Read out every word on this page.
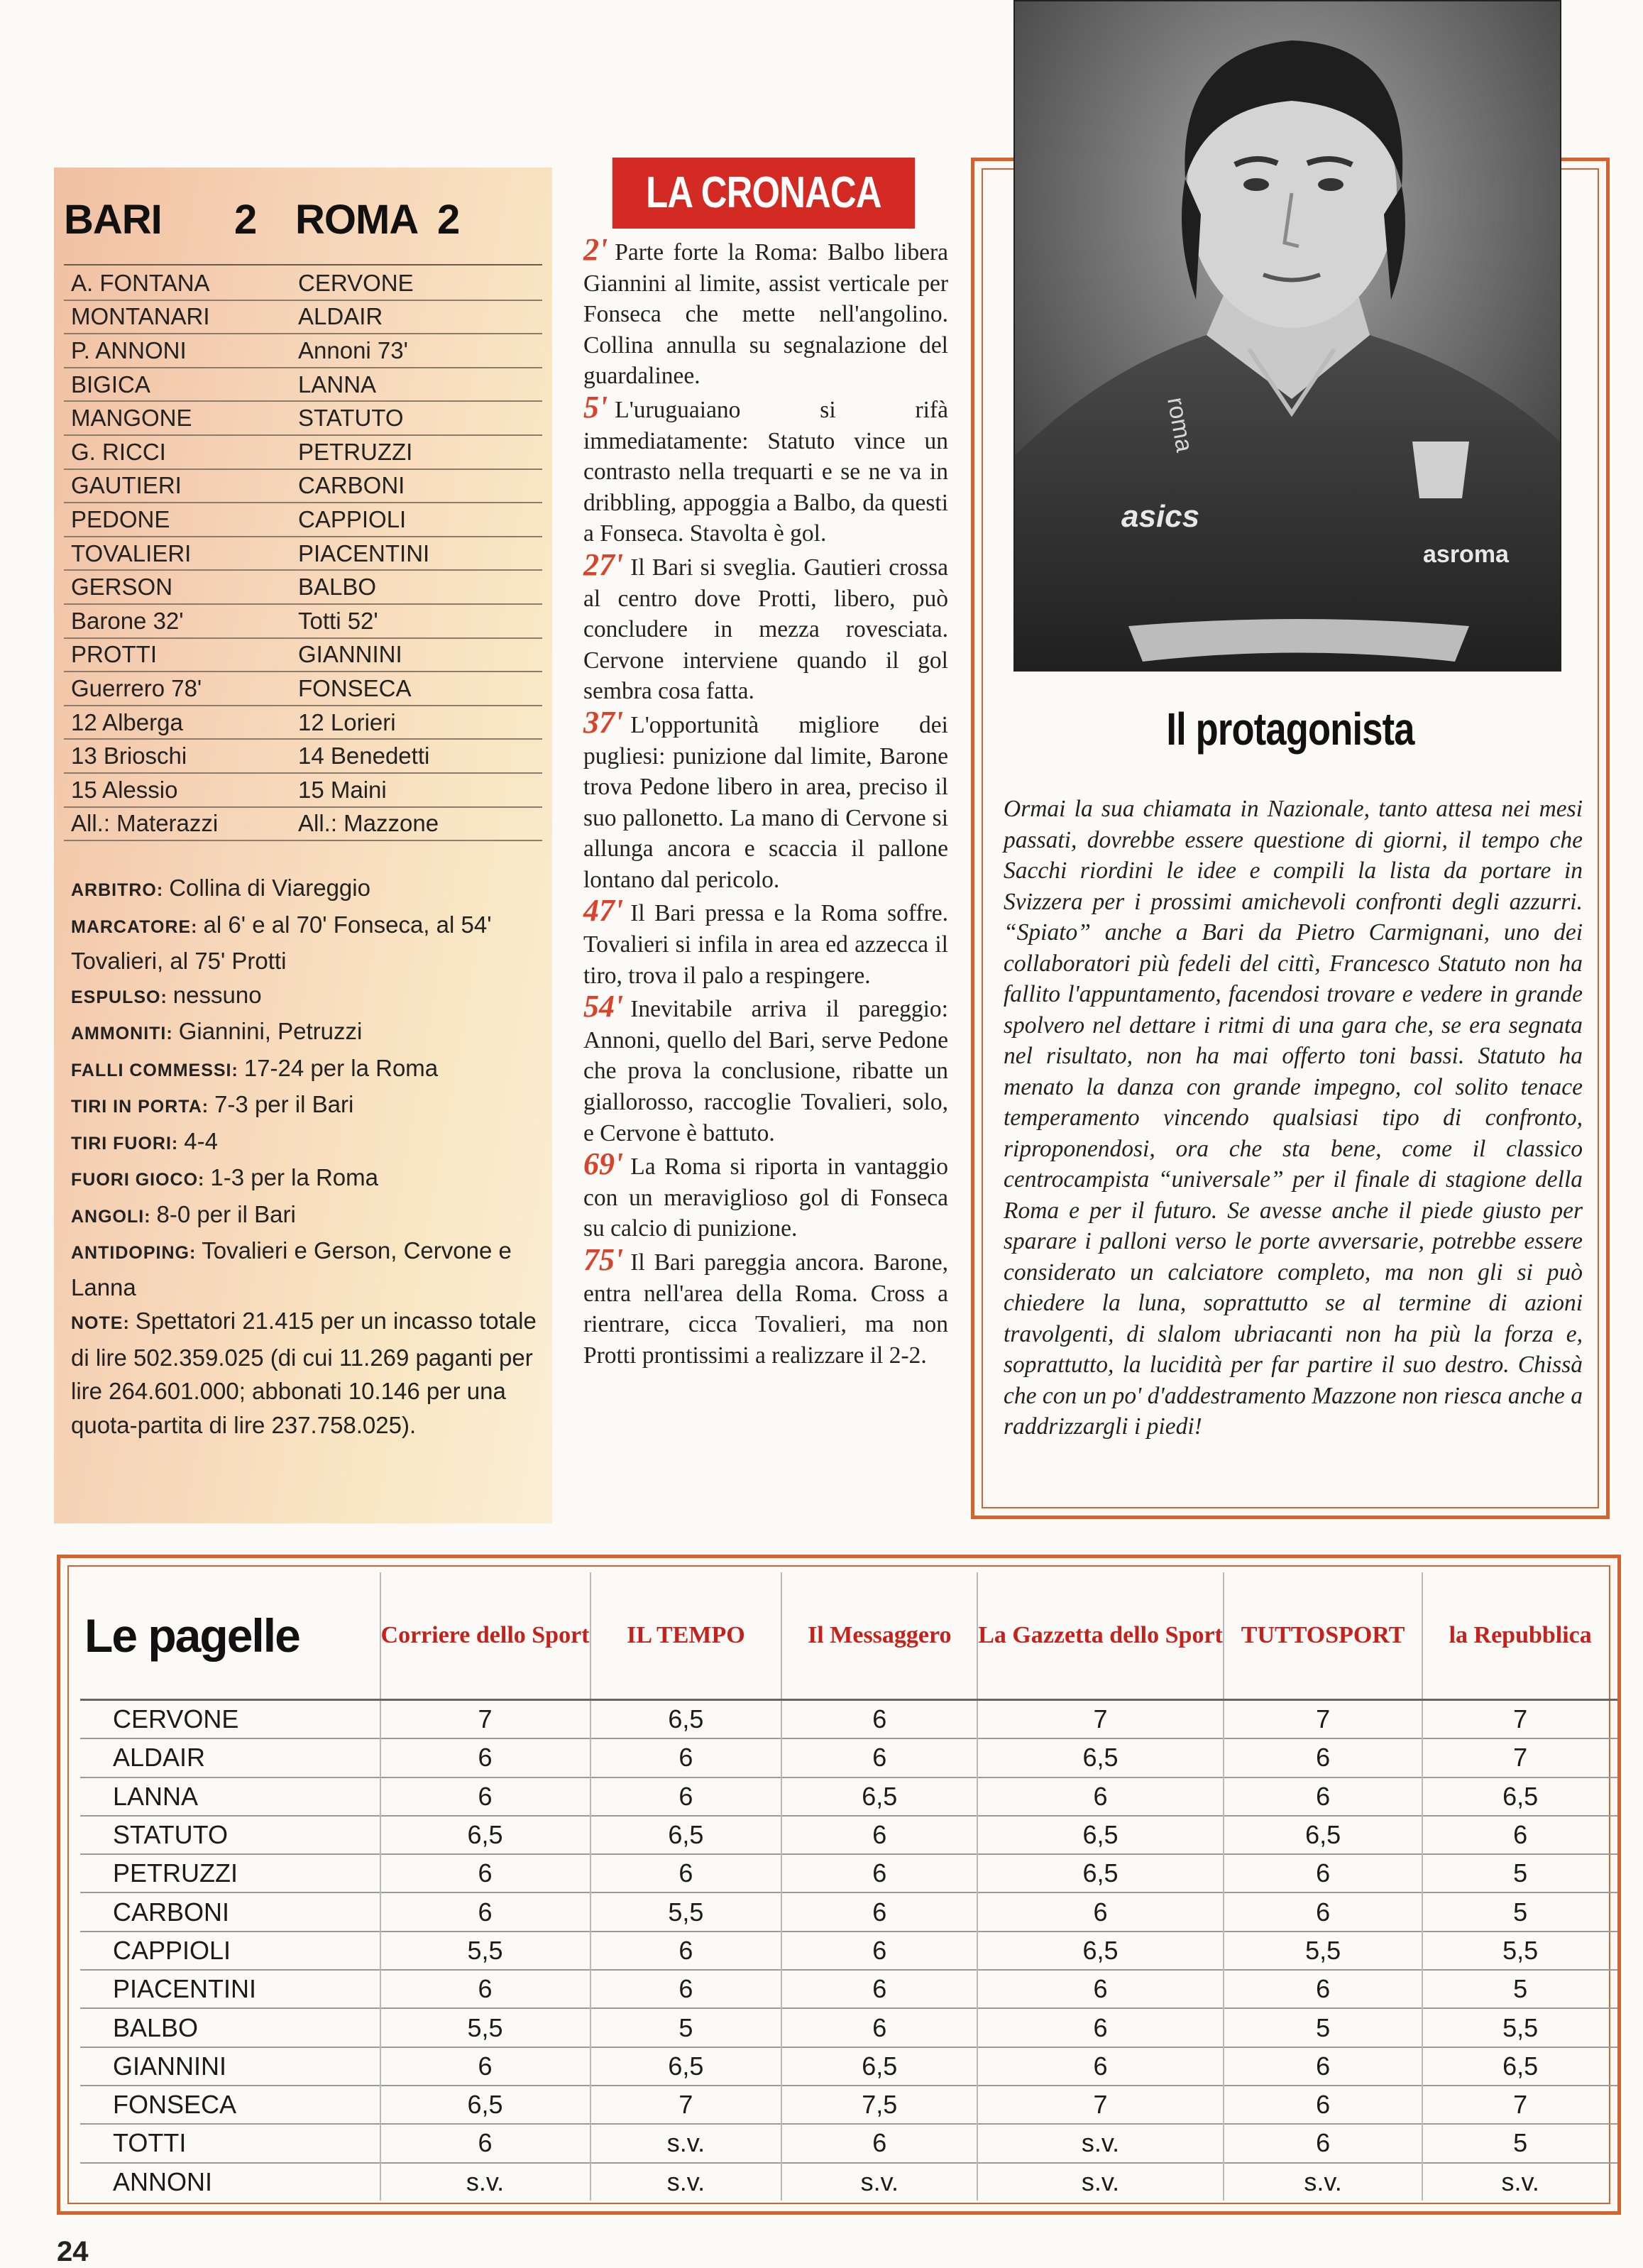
BARI	2 ROMA 2
A. FONTANA	CERVONE
MONTANARI	ALDAIR
P. ANNONI	Annoni 73'
BIGICA	LANNA
MANGONE	STATUTO
G. RICCI	PETRUZZI
GAUTIERI	CARBONI
PEDONE	CAPPIOLI
TOVALIERI	PIACENTINI
GERSON	BALBO
Barone 32'	Totti 52'
PROTTI	GIANNINI
Guerrero 78'	FONSECA
12 Alberga	12 Lorieri
13 Brioschi	14 Benedetti
15 Alessio	15 Maini
All.: Materazzi	All.: Mazzone
ARBITRO: Collina di Viareggio
MARCATORE: al 6' e al 70' Fonseca, al 54' Tovalieri, al 75' Protti
ESPULSO: nessuno
AMMONITI: Giannini, Petruzzi
FALLI COMMESSI: 17-24 per la Roma
TIRI IN PORTA: 7-3 per il Bari
TIRI FUORI: 4-4
FUORI GIOCO: 1-3 per la Roma
ANGOLI: 8-0 per il Bari
ANTIDOPING: Tovalieri e Gerson, Cervone e Lanna
NOTE: Spettatori 21.415 per un incasso totale di lire 502.359.025 (di cui 11.269 paganti per lire 264.601.000; abbonati 10.146 per una quota-partita di lire 237.758.025).
LA CRONACA

2' Parte forte la Roma: Balbo libera Giannini al limite, assist verticale per Fonseca che mette nell'angolino. Collina annulla su segnalazione del guardalinee.

5' L'uruguaiano si rifà immediatamente: Statuto vince un contrasto nella trequarti e se ne va in dribbling, appoggia a Balbo, da questi a Fonseca. Stavolta è gol.

27' Il Bari si sveglia. Gautieri crossa al centro dove Protti, libero, può concludere in mezza rovesciata. Cervone interviene quando il gol sembra cosa fatta.

37' L'opportunità migliore dei pugliesi: punizione dal limite, Barone trova Pedone libero in area, preciso il suo pallonetto. La mano di Cervone si allunga ancora e scaccia il pallone lontano dal pericolo.

47' Il Bari pressa e la Roma soffre. Tovalieri si infila in area ed azzecca il tiro, trova il palo a respingere.

54' Inevitabile arriva il pareggio: Annoni, quello del Bari, serve Pedone che prova la conclusione, ribatte un giallorosso, raccoglie Tovalieri, solo, e Cervone è battuto.

69' La Roma si riporta in vantaggio con un meraviglioso gol di Fonseca su calcio di punizione.

75' Il Bari pareggia ancora. Barone, entra nell'area della Roma. Cross a rientrare, cicca Tovalieri, ma non Protti prontissimi a realizzare il 2-2.

asics
asroma
roma
Il protagonista
Ormai la sua chiamata in Nazionale, tanto attesa nei mesi passati, dovrebbe essere questione di giorni, il tempo che Sacchi riordini le idee e compili la lista da portare in Svizzera per i prossimi amichevoli confronti degli azzurri. “Spiato” anche a Bari da Pietro Carmignani, uno dei collaboratori più fedeli del cittì, Francesco Statuto non ha fallito l'appuntamento, facendosi trovare e vedere in grande spolvero nel dettare i ritmi di una gara che, se era segnata nel risultato, non ha mai offerto toni bassi. Statuto ha menato la danza con grande impegno, col solito tenace temperamento vincendo qualsiasi tipo di confronto, riproponendosi, ora che sta bene, come il classico centrocampista “universale” per il finale di stagione della Roma e per il futuro. Se avesse anche il piede giusto per sparare i palloni verso le porte avversarie, potrebbe essere considerato un calciatore completo, ma non gli si può chiedere la luna, soprattutto se al termine di azioni travolgenti, di slalom ubriacanti non ha più la forza e, soprattutto, la lucidità per far partire il suo destro. Chissà che con un po' d'addestramento Mazzone non riesca anche a raddrizzargli i piedi!
Le pagelle	Corriere dello Sport	IL TEMPO	Il Messaggero	La Gazzetta dello Sport	TUTTOSPORT	la Repubblica
CERVONE	7	6,5	6	7	7	7
ALDAIR	6	6	6	6,5	6	7
LANNA	6	6	6,5	6	6	6,5
STATUTO	6,5	6,5	6	6,5	6,5	6
PETRUZZI	6	6	6	6,5	6	5
CARBONI	6	5,5	6	6	6	5
CAPPIOLI	5,5	6	6	6,5	5,5	5,5
PIACENTINI	6	6	6	6	6	5
BALBO	5,5	5	6	6	5	5,5
GIANNINI	6	6,5	6,5	6	6	6,5
FONSECA	6,5	7	7,5	7	6	7
TOTTI	6	s.v.	6	s.v.	6	5
ANNONI	s.v.	s.v.	s.v.	s.v.	s.v.	s.v.
24
